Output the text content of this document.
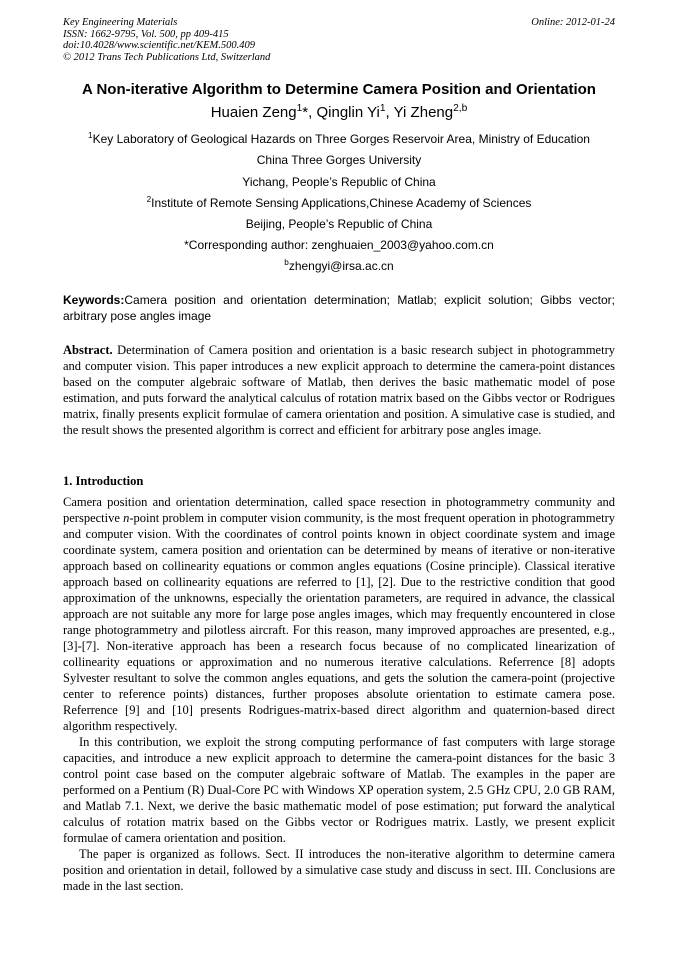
Key Engineering Materials
ISSN: 1662-9795, Vol. 500, pp 409-415
doi:10.4028/www.scientific.net/KEM.500.409
© 2012 Trans Tech Publications Ltd, Switzerland
Online: 2012-01-24
A Non-iterative Algorithm to Determine Camera Position and Orientation
Huaien Zeng$^1$*, Qinglin Yi$^1$, Yi Zheng$^{2,b}$
$^1$Key Laboratory of Geological Hazards on Three Gorges Reservoir Area, Ministry of Education
China Three Gorges University
Yichang, People’s Republic of China
$^2$Institute of Remote Sensing Applications,Chinese Academy of Sciences
Beijing, People’s Republic of China
*Corresponding author: zenghuaien_2003@yahoo.com.cn
$^b$zhengyi@irsa.ac.cn
Keywords:Camera position and orientation determination; Matlab; explicit solution; Gibbs vector; arbitrary pose angles image
Abstract. Determination of Camera position and orientation is a basic research subject in photogrammetry and computer vision. This paper introduces a new explicit approach to determine the camera-point distances based on the computer algebraic software of Matlab, then derives the basic mathematic model of pose estimation, and puts forward the analytical calculus of rotation matrix based on the Gibbs vector or Rodrigues matrix, finally presents explicit formulae of camera orientation and position. A simulative case is studied, and the result shows the presented algorithm is correct and efficient for arbitrary pose angles image.
1. Introduction

Camera position and orientation determination, called space resection in photogrammetry community and perspective n-point problem in computer vision community, is the most frequent operation in photogrammetry and computer vision. With the coordinates of control points known in object coordinate system and image coordinate system, camera position and orientation can be determined by means of iterative or non-iterative approach based on collinearity equations or common angles equations (Cosine principle). Classical iterative approach based on collinearity equations are referred to [1], [2]. Due to the restrictive condition that good approximation of the unknowns, especially the orientation parameters, are required in advance, the classical approach are not suitable any more for large pose angles images, which may frequently encountered in close range photogrammetry and pilotless aircraft. For this reason, many improved approaches are presented, e.g., [3]-[7]. Non-iterative approach has been a research focus because of no complicated linearization of collinearity equations or approximation and no numerous iterative calculations. Referrence [8] adopts Sylvester resultant to solve the common angles equations, and gets the solution the camera-point (projective center to reference points) distances, further proposes absolute orientation to estimate camera pose. Referrence [9] and [10] presents Rodrigues-matrix-based direct algorithm and quaternion-based direct algorithm respectively.

In this contribution, we exploit the strong computing performance of fast computers with large storage capacities, and introduce a new explicit approach to determine the camera-point distances for the basic 3 control point case based on the computer algebraic software of Matlab. The examples in the paper are performed on a Pentium (R) Dual-Core PC with Windows XP operation system, 2.5 GHz CPU, 2.0 GB RAM, and Matlab 7.1. Next, we derive the basic mathematic model of pose estimation; put forward the analytical calculus of rotation matrix based on the Gibbs vector or Rodrigues matrix. Lastly, we present explicit formulae of camera orientation and position.

The paper is organized as follows. Sect. II introduces the non-iterative algorithm to determine camera position and orientation in detail, followed by a simulative case study and discuss in sect. III. Conclusions are made in the last section.
